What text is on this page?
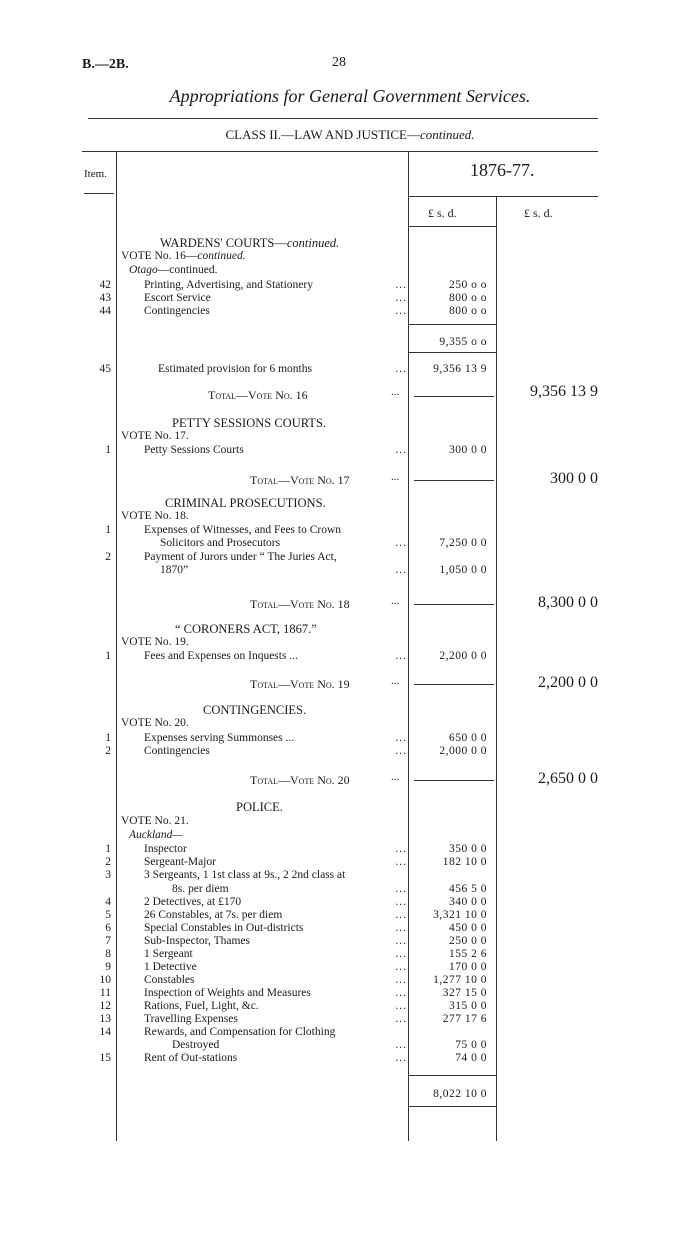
B.—2B.	28
Appropriations for General Government Services.
CLASS II.—LAW AND JUSTICE—continued.
Item.	1876-77.
£ s. d.	£ s. d.
WARDENS' COURTS—continued.
VOTE No. 16—continued.
Otago—continued.
42	Printing, Advertising, and Stationery	...	250 o o
43	Escort Service	...	800 o o
44	Contingencies	...	800 o o
9,355 o o
45	Estimated provision for 6 months	...	9,356 13 9
Total—Vote No. 16	...	9,356 13 9
PETTY SESSIONS COURTS.
VOTE No. 17.
1	Petty Sessions Courts	...	300 0 0
Total—Vote No. 17	...	300 0 0
CRIMINAL PROSECUTIONS.
VOTE No. 18.
1	Expenses of Witnesses, and Fees to Crown
Solicitors and Prosecutors	...	7,250 0 0
2	Payment of Jurors under “ The Juries Act,
1870”	...	1,050 0 0
Total—Vote No. 18	...	8,300 0 0
“ CORONERS ACT, 1867.”
VOTE No. 19.
1	Fees and Expenses on Inquests ...	...	2,200 0 0
Total—Vote No. 19	...	2,200 0 0
CONTINGENCIES.
VOTE No. 20.
1	Expenses serving Summonses ...	...	650 0 0
2	Contingencies	...	2,000 0 0
Total—Vote No. 20	...	2,650 0 0
POLICE.
VOTE No. 21.
Auckland—
1	Inspector	...	350 0 0
2	Sergeant-Major	...	182 10 0
3	3 Sergeants, 1 1st class at 9s., 2 2nd class at
8s. per diem	...	456 5 0
4	2 Detectives, at £170	...	340 0 0
5	26 Constables, at 7s. per diem	...	3,321 10 0
6	Special Constables in Out-districts	...	450 0 0
7	Sub-Inspector, Thames	...	250 0 0
8	1 Sergeant	...	155 2 6
9	1 Detective	...	170 0 0
10	Constables	...	1,277 10 0
11	Inspection of Weights and Measures	...	327 15 0
12	Rations, Fuel, Light, &c.	...	315 0 0
13	Travelling Expenses	...	277 17 6
14	Rewards, and Compensation for Clothing
Destroyed	...	75 0 0
15	Rent of Out-stations	...	74 0 0
8,022 10 0
